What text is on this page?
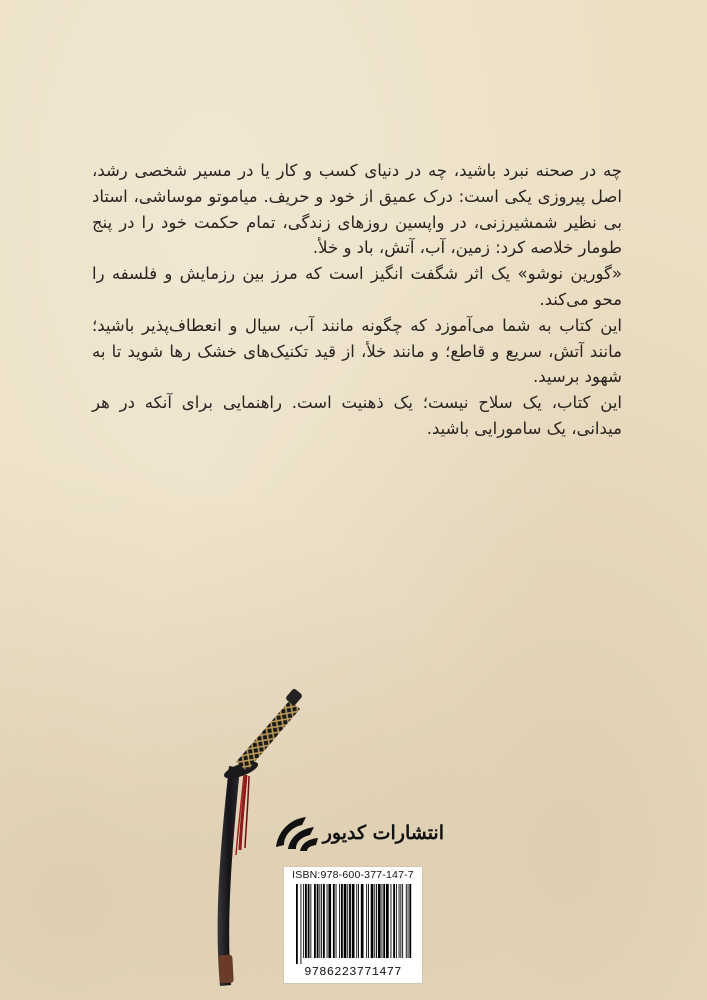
چه در صحنه نبرد باشید، چه در دنیای کسب و کار یا در مسیر شخصی رشد، اصل پیروزی یکی است: درک عمیق از خود و حریف. میاموتو موساشی، استاد بی نظیر شمشیرزنی، در واپسین روزهای زندگی، تمام حکمت خود را در پنج طومار خلاصه کرد: زمین، آب، آتش، باد و خلأ.

«گورین نوشو» یک اثر شگفت انگیز است که مرز بین رزمایش و فلسفه را محو می‌کند.

این کتاب به شما می‌آموزد که چگونه مانند آب، سیال و انعطاف‌پذیر باشید؛ مانند آتش، سریع و قاطع؛ و مانند خلأ، از قید تکنیک‌های خشک رها شوید تا به شهود برسید.

این کتاب، یک سلاح نیست؛ یک ذهنیت است. راهنمایی برای آنکه در هر میدانی، یک سامورایی باشید.

انتشارات کدیور
ISBN:978-600-377-147-7
9786223771477
